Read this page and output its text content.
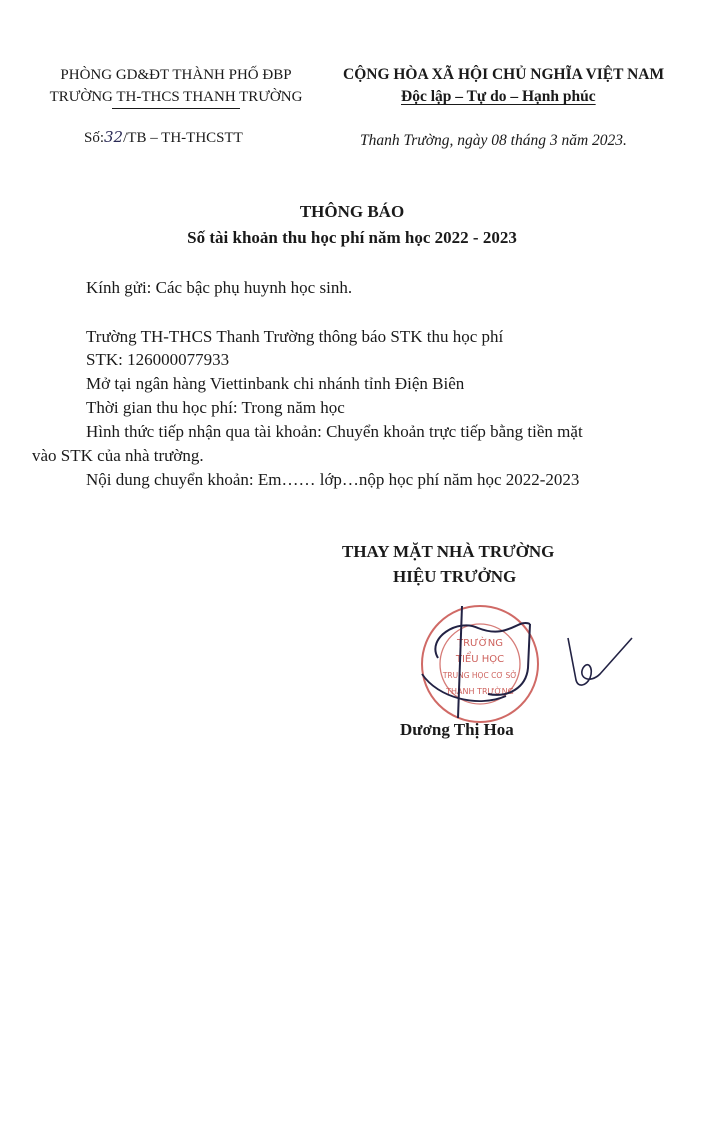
PHÒNG GD&ĐT THÀNH PHỐ ĐBP
TRƯỜNG TH-THCS THANH TRƯỜNG
CỘNG HÒA XÃ HỘI CHỦ NGHĨA VIỆT NAM
Độc lập – Tự do – Hạnh phúc
Số:32/TB – TH-THCSTT	Thanh Trường, ngày 08 tháng 3 năm 2023.
THÔNG BÁO
Số tài khoản thu học phí năm học 2022 - 2023
Kính gửi: Các bậc phụ huynh học sinh.
Trường TH-THCS Thanh Trường thông báo STK thu học phí
STK: 126000077933
Mở tại ngân hàng Viettinbank chi nhánh tỉnh Điện Biên
Thời gian thu học phí: Trong năm học
Hình thức tiếp nhận qua tài khoản: Chuyển khoản trực tiếp bằng tiền mặt
vào STK của nhà trường.
Nội dung chuyển khoản: Em…… lớp…nộp học phí năm học 2022-2023
THAY MẶT NHÀ TRƯỜNG
HIỆU TRƯỞNG
TRƯỜNG
TIỂU HỌC
TRUNG HỌC CƠ SỞ
THANH TRƯỜNG
Dương Thị Hoa
